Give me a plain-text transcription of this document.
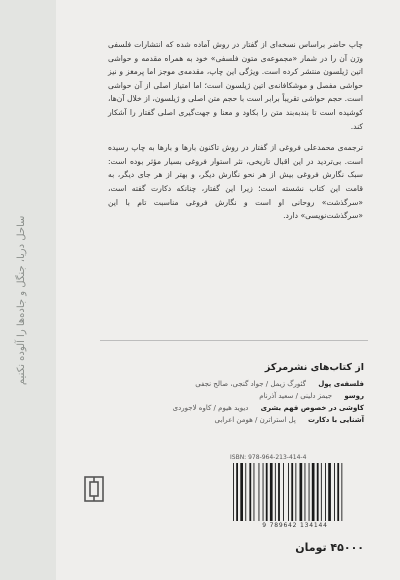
ساحل دریا، جنگل و جاده‌ها را آلوده نکنیم

چاپ حاضر براساس نسخه‌ای از گفتار در روش آماده شده که انتشارات فلسفی ورَن آن را در شمار «مجموعه‌ی متون فلسفی» خود به همراه مقدمه و حواشی اتین ژیلسون منتشر کرده است. ویژگی این چاپ، مقدمه‌ی موجز اما پرمغز و نیز حواشی مفصل و موشکافانه‌ی اتین ژیلسون است؛ اما امتیاز اصلی از آن حواشی است. حجم حواشی تقریباً برابر است با حجم متن اصلی و ژیلسون، از خلال آن‌ها، کوشیده است تا بندبه‌بند متن را بکاود و معنا و جهت‌گیری اصلی گفتار را آشکار کند.

ترجمه‌ی محمدعلی فروغی از گفتار در روش تاکنون بارها و بارها به چاپ رسیده است. بی‌تردید در این اقبال تاریخی، نثر استوار فروغی بسیار مؤثر بوده است: سبک نگارش فروغی بیش از هر نحو نگارش دیگر، و بهتر از هر جای دیگر، به قامت این کتاب نشسته است؛ زیرا این گفتار، چنانکه دکارت گفته است، «سرگذشت» روحانی او است و نگارش فروغی مناسبت تام با این «سرگذشت‌نویسی» دارد.

از کتاب‌های نشرمرکز
فلسفه‌ی پول گئورگ زیمل / جواد گنجی، صالح نجفی
روسو جیمز دلینی / سعید آذرنام
کاوشی در خصوص فهم بشری دیوید هیوم / کاوه لاجوردی
آشنایی با دکارت پل استراترن / هومن اعرابی
ISBN: 978-964-213-414-4
9 789642 134144
۴۵۰۰۰ تومان
